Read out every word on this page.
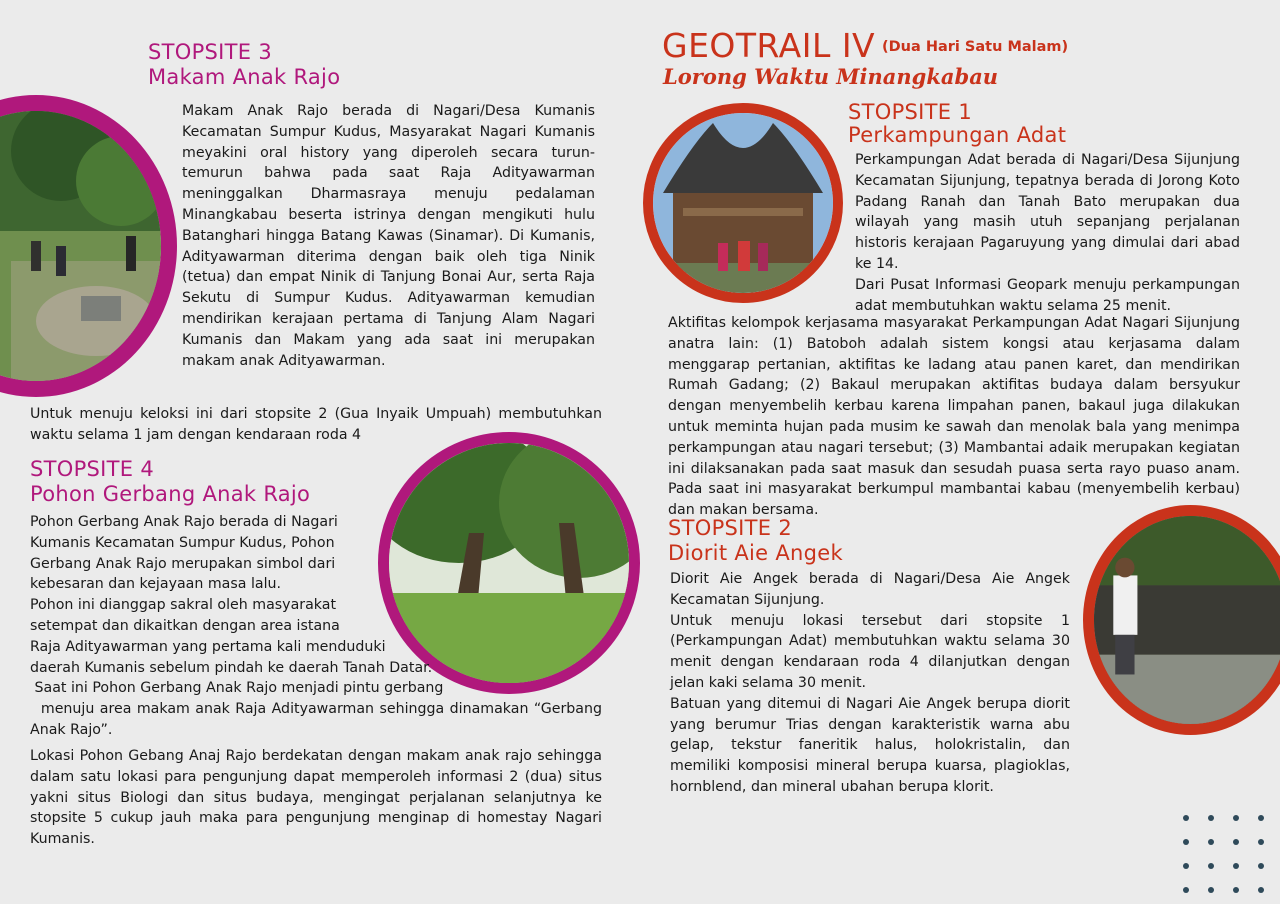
STOPSITE 3
Makam Anak Rajo
Makam Anak Rajo berada di Nagari/Desa Kumanis Kecamatan Sumpur Kudus, Masyarakat Nagari Kumanis meyakini oral history yang diperoleh secara turun-temurun bahwa pada saat Raja Adityawarman meninggalkan Dharmasraya menuju pedalaman Minangkabau beserta istrinya dengan mengikuti hulu Batanghari hingga Batang Kawas (Sinamar). Di Kumanis, Adityawarman diterima dengan baik oleh tiga Ninik (tetua) dan empat Ninik di Tanjung Bonai Aur, serta Raja Sekutu di Sumpur Kudus. Adityawarman kemudian mendirikan kerajaan pertama di Tanjung Alam Nagari Kumanis dan Makam yang ada saat ini merupakan makam anak Adityawarman.
Untuk menuju keloksi ini dari stopsite 2 (Gua Inyaik Umpuah) membutuhkan waktu selama 1 jam dengan kendaraan roda 4
STOPSITE 4
Pohon Gerbang Anak Rajo
Pohon Gerbang Anak Rajo berada di Nagari
Kumanis Kecamatan Sumpur Kudus, Pohon
Gerbang Anak Rajo merupakan simbol dari
kebesaran dan kejayaan masa lalu.
Pohon ini dianggap sakral oleh masyarakat
setempat dan dikaitkan dengan area istana
Raja Adityawarman yang pertama kali menduduki
daerah Kumanis sebelum pindah ke daerah Tanah Datar.
Saat ini Pohon Gerbang Anak Rajo menjadi pintu gerbang
menuju area makam anak Raja Adityawarman sehingga dinamakan “Gerbang Anak Rajo”.
Lokasi Pohon Gebang Anaj Rajo berdekatan dengan makam anak rajo sehingga dalam satu lokasi para pengunjung dapat memperoleh informasi 2 (dua) situs yakni situs Biologi dan situs budaya, mengingat perjalanan selanjutnya ke stopsite 5 cukup jauh maka para pengunjung menginap di homestay Nagari Kumanis.
GEOTRAIL IV (Dua Hari Satu Malam)
Lorong Waktu Minangkabau
STOPSITE 1
Perkampungan Adat

Perkampungan Adat berada di Nagari/Desa Sijunjung Kecamatan Sijunjung, tepatnya berada di Jorong Koto Padang Ranah dan Tanah Bato merupakan dua wilayah yang masih utuh sepanjang perjalanan historis kerajaan Pagaruyung yang dimulai dari abad ke 14.

Dari Pusat Informasi Geopark menuju perkampungan adat membutuhkan waktu selama 25 menit.

Aktifitas kelompok kerjasama masyarakat Perkampungan Adat Nagari Sijunjung anatra lain: (1) Batoboh adalah sistem kongsi atau kerjasama dalam menggarap pertanian, aktifitas ke ladang atau panen karet, dan mendirikan Rumah Gadang; (2) Bakaul merupakan aktifitas budaya dalam bersyukur dengan menyembelih kerbau karena limpahan panen, bakaul juga dilakukan untuk meminta hujan pada musim ke sawah dan menolak bala yang menimpa perkampungan atau nagari tersebut; (3) Mambantai adaik merupakan kegiatan ini dilaksanakan pada saat masuk dan sesudah puasa serta rayo puaso anam. Pada saat ini masyarakat berkumpul mambantai kabau (menyembelih kerbau) dan makan bersama.
STOPSITE 2
Diorit Aie Angek

Diorit Aie Angek berada di Nagari/Desa Aie Angek Kecamatan Sijunjung.

Untuk menuju lokasi tersebut dari stopsite 1 (Perkampungan Adat) membutuhkan waktu selama 30 menit dengan kendaraan roda 4 dilanjutkan dengan jelan kaki selama 30 menit.

Batuan yang ditemui di Nagari Aie Angek berupa diorit yang berumur Trias dengan karakteristik warna abu gelap, tekstur faneritik halus, holokristalin, dan memiliki komposisi mineral berupa kuarsa, plagioklas, hornblend, dan mineral ubahan berupa klorit.
